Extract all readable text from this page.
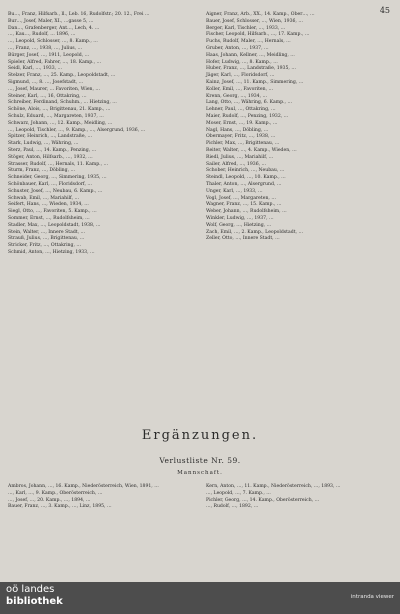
45
Bu…, Franz, Hilfsarb., ll., Leb. 16, Rudolfstr.; 20. 12., Frei …
Bur…, Josef, Maler, XI., …gasse 5, …
Dan…, Grafenberger, Ant…, Lech, 4. …
…, Kau…, Rudolf, … 1896, …
…, Leopold, Schlosser, …, 8. Kamp., …
…, Franz, …, 1938, …, Julius, …
Bürger, Josef, …, 1911, Leopold, …
Spieler, Alfred, Fahrer, …, 18. Kamp., …
Seidl, Karl, …, 1933, …
Stelzer, Franz, …, 25. Kamp., Leopoldstadt, …
Sigmund, …, 8. …, Josefstadt, …
…, Josef, Maurer, … Favoriten, Wien, …
Steiner, Karl, …, 16, Ottakring, …
Schreiber, Ferdinand, Schuhm., … Hietzing, …
Schöne, Alois, …, Brigittenau, 21. Kamp., …
Schulz, Eduard, …, Margareten, 1937, …
Schwarz, Johann, …, 12. Kamp., Meidling, …
…, Leopold, Tischler, …, 9. Kamp., …, Alsergrund, 1936, …
Spitzer, Heinrich, …, Landstraße, …
Stark, Ludwig, …, Währing, …
Sterz, Paul, …, 14. Kamp., Penzing, …
Stöger, Anton, Hilfsarb., …, 1932, …
Strasser, Rudolf, …, Hernals, 11. Kamp., …
Sturm, Franz, …, Döbling, …
Schneider, Georg, …, Simmering, 1935, …
Schönbauer, Karl, …, Floridsdorf, …
Schuster, Josef, …, Neubau, 6. Kamp., …
Schwab, Emil, …, Mariahilf, …
Seifert, Hans, …, Wieden, 1934, …
Siegl, Otto, …, Favoriten, 5. Kamp., …
Sommer, Ernst, …, Rudolfsheim, …
Stadler, Max, …, Leopoldstadt, 1938, …
Stein, Walter, …, Innere Stadt, …
Strauß, Julius, …, Brigittenau, …
Stricker, Fritz, …, Ottakring, …
Schmid, Anton, …, Hietzing, 1933, …
Aigner, Franz, Arb., XX., 14. Kamp., Ober…, …
Bauer, Josef, Schlosser, …, Wien, 1936, …
Berger, Karl, Tischler, …, 1933, …
Fischer, Leopold, Hilfsarb., …, 17. Kamp., …
Fuchs, Rudolf, Maler, …, Hernals, …
Gruber, Anton, …, 1937, …
Haas, Johann, Kellner, …, Meidling, …
Hofer, Ludwig, …, 8. Kamp., …
Huber, Franz, …, Landstraße, 1935, …
Jäger, Karl, …, Floridsdorf, …
Kainz, Josef, …, 11. Kamp., Simmering, …
Koller, Emil, …, Favoriten, …
Krenn, Georg, …, 1934, …
Lang, Otto, …, Währing, 6. Kamp., …
Lehner, Paul, …, Ottakring, …
Maier, Rudolf, …, Penzing, 1932, …
Moser, Ernst, …, 19. Kamp., …
Nagl, Hans, …, Döbling, …
Obermayer, Fritz, …, 1938, …
Pichler, Max, …, Brigittenau, …
Reiter, Walter, …, 4. Kamp., Wieden, …
Riedl, Julius, …, Mariahilf, …
Sailer, Alfred, …, 1936, …
Schober, Heinrich, …, Neubau, …
Steindl, Leopold, …, 10. Kamp., …
Thaler, Anton, …, Alsergrund, …
Unger, Karl, …, 1933, …
Vogl, Josef, …, Margareten, …
Wagner, Franz, …, 15. Kamp., …
Weber, Johann, …, Rudolfsheim, …
Winkler, Ludwig, …, 1937, …
Wolf, Georg, …, Hietzing, …
Zach, Emil, …, 2. Kamp., Leopoldstadt, …
Zeller, Otto, …, Innere Stadt, …
Ergänzungen.
Verlustliste Nr. 59.
Mannschaft.
Ambros, Johann, …, 16. Kamp., Niederösterreich, Wien, 1891, …
…, Karl, …, 9. Kamp., Oberösterreich, …
…, Josef, …, 20. Kamp., …, 1894, …
Bauer, Franz, …, 3. Kamp., …, Linz, 1895, …
Kern, Anton, …, 11. Kamp., Niederösterreich, …, 1893, …
…, Leopold, …, 7. Kamp., …
Pichler, Georg, …, 14. Kamp., Oberösterreich, …
…, Rudolf, …, 1892, …
oö landes
bibliothek	intranda viewer
